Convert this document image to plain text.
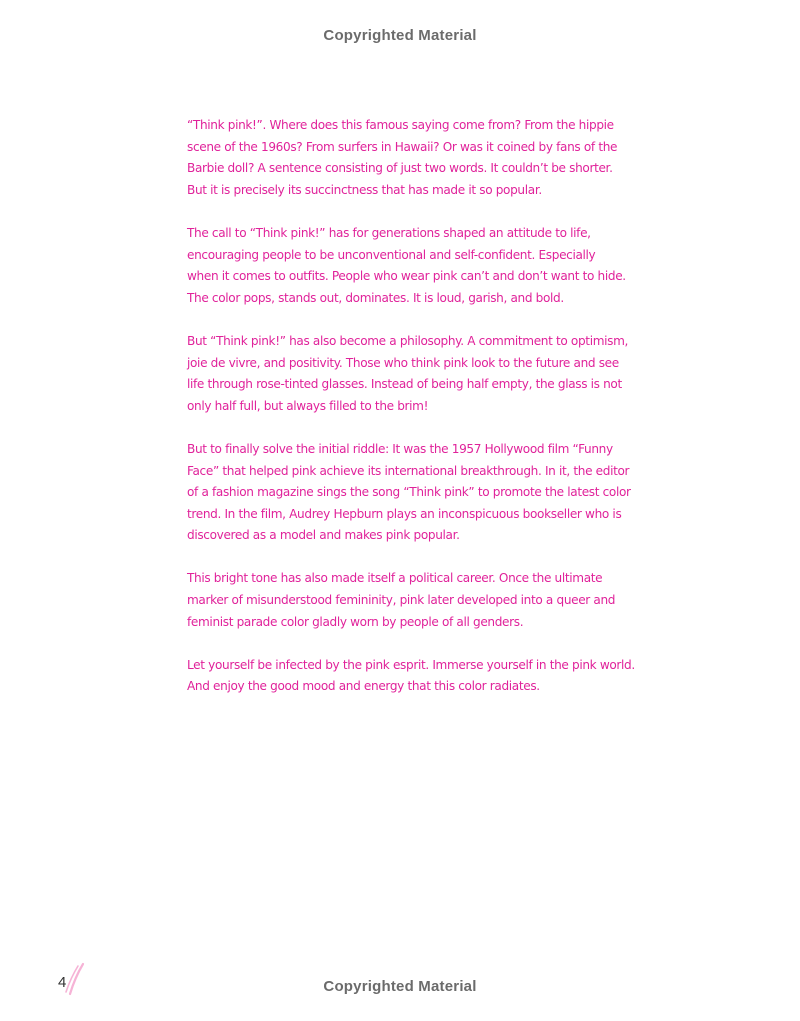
Copyrighted Material

“Think pink!”. Where does this famous saying come from? From the hippie
scene of the 1960s? From surfers in Hawaii? Or was it coined by fans of the
Barbie doll? A sentence consisting of just two words. It couldn’t be shorter.
But it is precisely its succinctness that has made it so popular.

The call to “Think pink!” has for generations shaped an attitude to life,
encouraging people to be unconventional and self-confident. Especially
when it comes to outfits. People who wear pink can’t and don’t want to hide.
The color pops, stands out, dominates. It is loud, garish, and bold.

But “Think pink!” has also become a philosophy. A commitment to optimism,
joie de vivre, and positivity. Those who think pink look to the future and see
life through rose-tinted glasses. Instead of being half empty, the glass is not
only half full, but always filled to the brim!

But to finally solve the initial riddle: It was the 1957 Hollywood film “Funny
Face” that helped pink achieve its international breakthrough. In it, the editor
of a fashion magazine sings the song “Think pink” to promote the latest color
trend. In the film, Audrey Hepburn plays an inconspicuous bookseller who is
discovered as a model and makes pink popular.

This bright tone has also made itself a political career. Once the ultimate
marker of misunderstood femininity, pink later developed into a queer and
feminist parade color gladly worn by people of all genders.

Let yourself be infected by the pink esprit. Immerse yourself in the pink world.
And enjoy the good mood and energy that this color radiates.

4	Copyrighted Material
